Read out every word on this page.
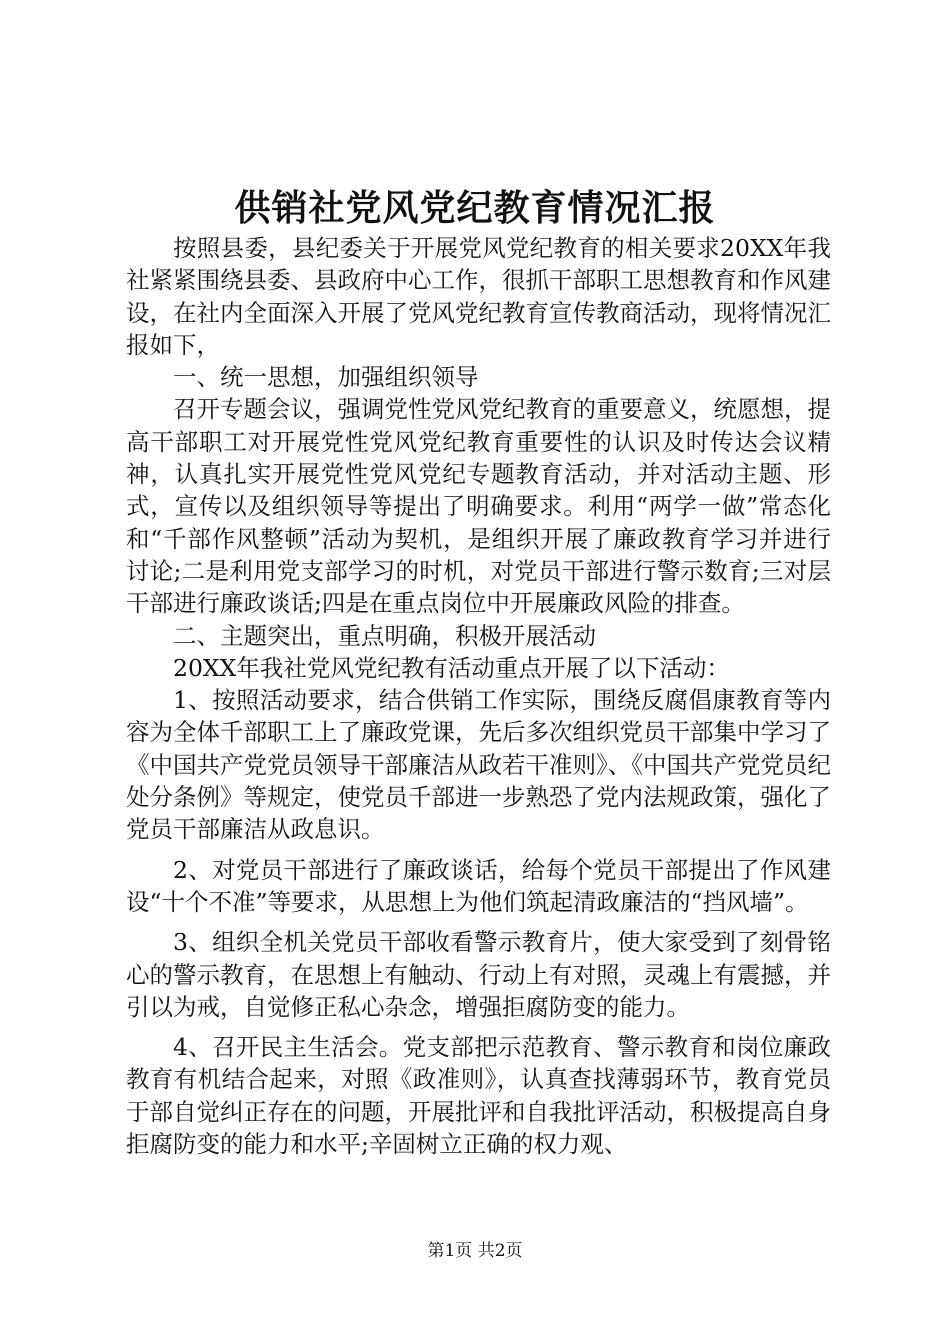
供销社党风党纪教育情况汇报

按照县委，县纪委关于开展党风党纪教育的相关要求20XX年我社紧紧围绕县委、县政府中心工作，很抓干部职工思想教育和作风建设，在社内全面深入开展了党风党纪教育宣传教商活动，现将情况汇报如下，

一、统一思想，加强组织领导

召开专题会议，强调党性党风党纪教育的重要意义，统愿想，提高干部职工对开展党性党风党纪教育重要性的认识及时传达会议精神，认真扎实开展党性党风党纪专题教育活动，并对活动主题、形式，宣传以及组织领导等提出了明确要求。利用“两学一做”常态化和“千部作风整顿”活动为契机，是组织开展了廉政教育学习并进行讨论;二是利用党支部学习的时机，对党员干部进行警示数育;三对层干部进行廉政谈话;四是在重点岗位中开展廉政风险的排查。

二、主题突出，重点明确，积极开展活动

20XX年我社党风党纪教有活动重点开展了以下活动：

1、按照活动要求，结合供销工作实际，围绕反腐倡康教育等内容为全体千部职工上了廉政党课，先后多次组织党员干部集中学习了《中国共产党党员领导干部廉洁从政若干准则》、《中国共产党党员纪处分条例》等规定，使党员千部进一步熟恐了党内法规政策，强化了党员干部廉洁从政息识。

2、对党员干部进行了廉政谈话，给每个党员干部提出了作风建设“十个不准”等要求，从思想上为他们筑起清政廉洁的“挡风墙”。

3、组织全机关党员干部收看警示教育片，使大家受到了刻骨铭心的警示教育，在思想上有触动、行动上有对照，灵魂上有震撼，并引以为戒，自觉修正私心杂念，增强拒腐防变的能力。

4、召开民主生活会。党支部把示范教育、警示教育和岗位廉政教育有机结合起来，对照《政准则》，认真查找薄弱环节，教育党员于部自觉纠正存在的问题，开展批评和自我批评活动，积极提高自身拒腐防变的能力和水平;辛固树立正确的权力观、

第1页 共2页
